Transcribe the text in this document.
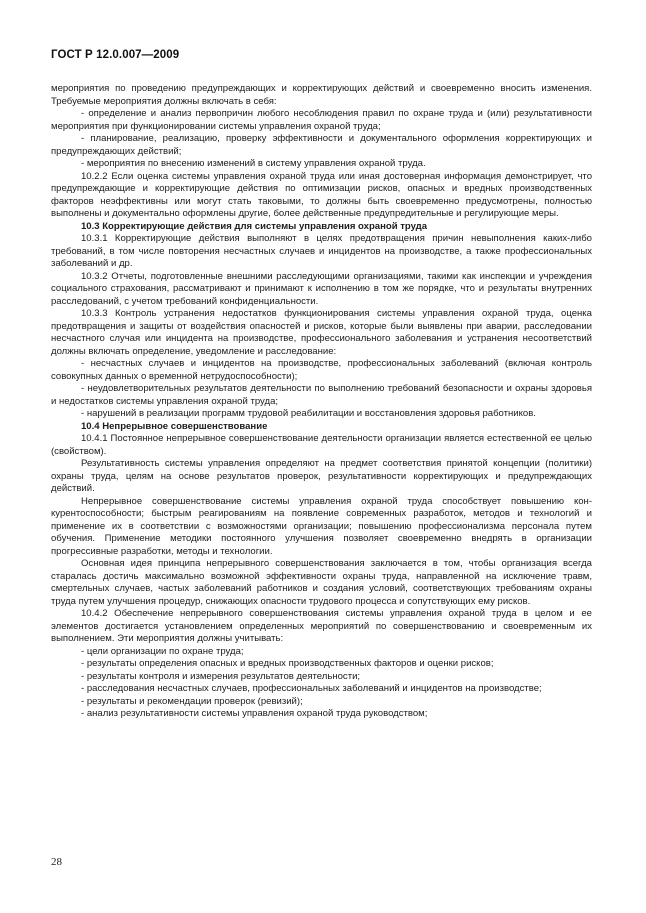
ГОСТ Р 12.0.007—2009

мероприятия по проведению предупреждающих и корректирующих действий и своевременно вносить изменения. Требуемые мероприятия должны включать в себя:

- определение и анализ первопричин любого несоблюдения правил по охране труда и (или) результативности мероприятия при функционировании системы управления охраной труда;

- планирование, реализацию, проверку эффективности и документального оформления корректирующих и предупреждающих действий;

- мероприятия по внесению изменений в систему управления охраной труда.

10.2.2 Если оценка системы управления охраной труда или иная достоверная информация демонстрирует, что предупреждающие и корректирующие действия по оптимизации рисков, опасных и вредных производственных факторов неэффективны или могут стать таковыми, то должны быть своевременно предусмотрены, полностью выполнены и документально оформлены другие, более действенные предупредительные и регулирующие меры.

10.3 Корректирующие действия для системы управления охраной труда

10.3.1 Корректирующие действия выполняют в целях предотвращения причин невыполнения каких-либо требований, в том числе повторения несчастных случаев и инцидентов на производстве, а также профессиональных заболеваний и др.

10.3.2 Отчеты, подготовленные внешними расследующими организациями, такими как инспекции и учреждения социального страхования, рассматривают и принимают к исполнению в том же порядке, что и результаты внутренних расследований, с учетом требований конфиденциальности.

10.3.3 Контроль устранения недостатков функционирования системы управления охраной труда, оценка предотвращения и защиты от воздействия опасностей и рисков, которые были выявлены при аварии, расследовании несчастного случая или инцидента на производстве, профессионального заболевания и устранения несоответствий должны включать определение, уведомление и расследование:

- несчастных случаев и инцидентов на производстве, профессиональных заболеваний (включая контроль совокупных данных о временной нетрудоспособности);

- неудовлетворительных результатов деятельности по выполнению требований безопасности и охраны здоровья и недостатков системы управления охраной труда;

- нарушений в реализации программ трудовой реабилитации и восстановления здоровья работников.

10.4 Непрерывное совершенствование

10.4.1 Постоянное непрерывное совершенствование деятельности организации является естественной ее целью (свойством).

Результативность системы управления определяют на предмет соответствия принятой концепции (политики) охраны труда, целям на основе результатов проверок, результативности корректирующих и предупреждающих действий.

Непрерывное совершенствование системы управления охраной труда способствует повышению конкурентоспособности; быстрым реагированиям на появление современных разработок, методов и технологий и применение их в соответствии с возможностями организации; повышению профессионализма персонала путем обучения. Применение методики постоянного улучшения позволяет своевременно внедрять в организации прогрессивные разработки, методы и технологии.

Основная идея принципа непрерывного совершенствования заключается в том, чтобы организация всегда старалась достичь максимально возможной эффективности охраны труда, направленной на исключение травм, смертельных случаев, частых заболеваний работников и создания условий, соответствующих требованиям охраны труда путем улучшения процедур, снижающих опасности трудового процесса и сопутствующих ему рисков.

10.4.2 Обеспечение непрерывного совершенствования системы управления охраной труда в целом и ее элементов достигается установлением определенных мероприятий по совершенствованию и своевременным их выполнением. Эти мероприятия должны учитывать:

- цели организации по охране труда;

- результаты определения опасных и вредных производственных факторов и оценки рисков;

- результаты контроля и измерения результатов деятельности;

- расследования несчастных случаев, профессиональных заболеваний и инцидентов на производстве;

- результаты и рекомендации проверок (ревизий);

- анализ результативности системы управления охраной труда руководством;

28
